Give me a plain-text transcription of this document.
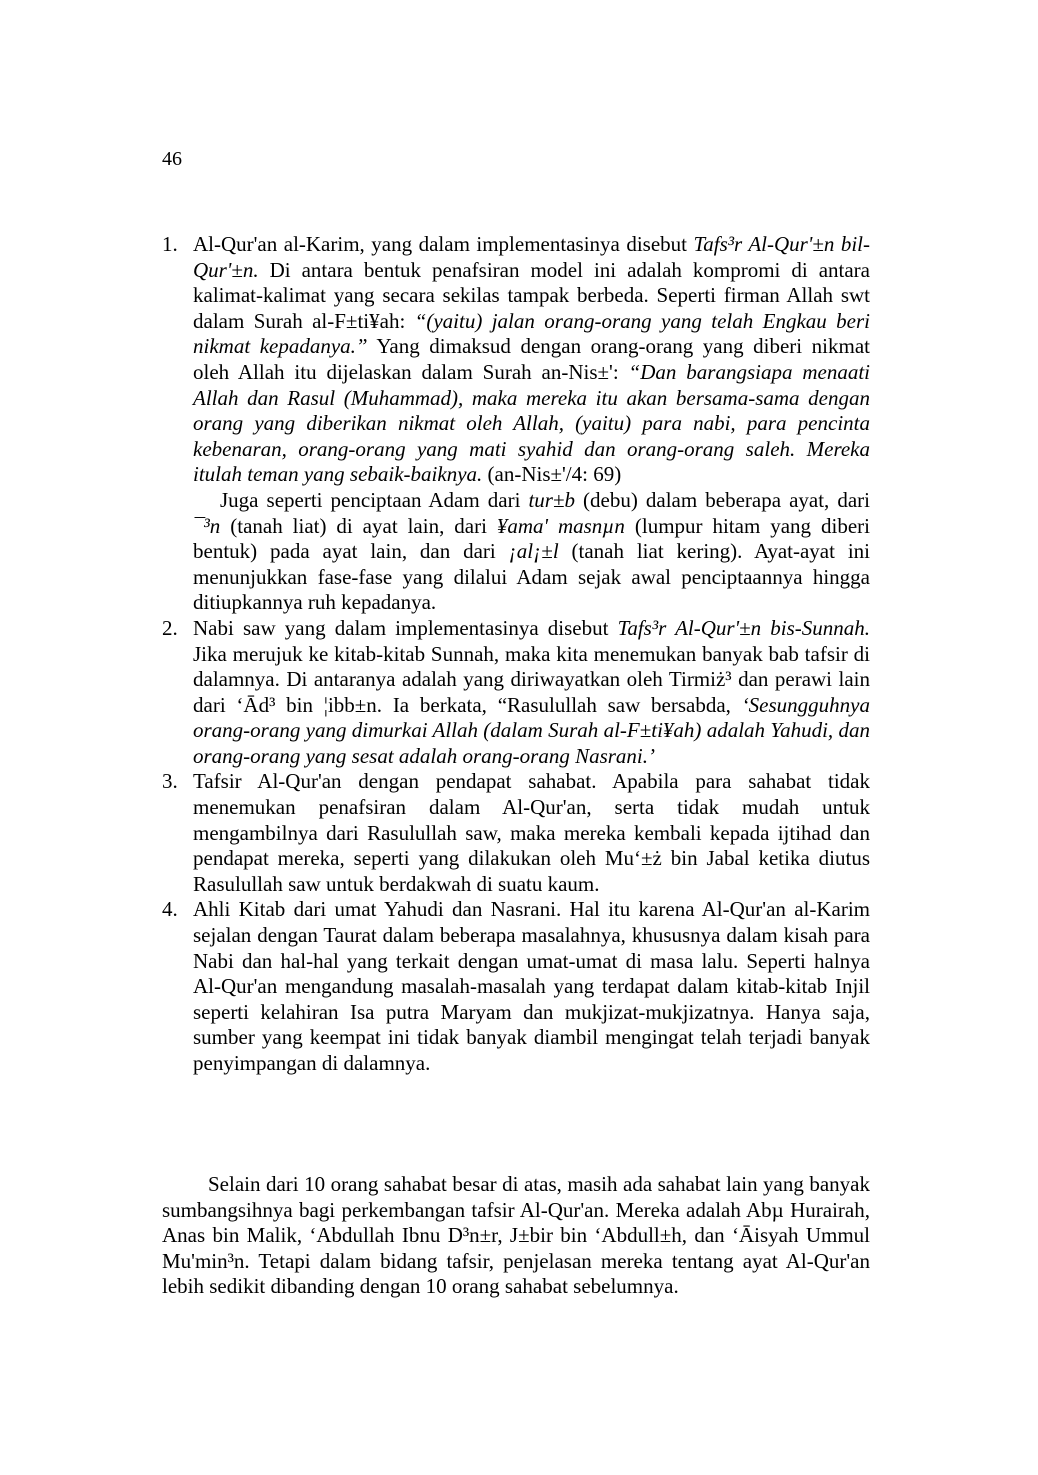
46
1. Al-Qur'an al-Karim, yang dalam implementasinya disebut Tafs³r Al-Qur'±n bil-Qur'±n. Di antara bentuk penafsiran model ini adalah kompromi di antara kalimat-kalimat yang secara sekilas tampak berbeda. Seperti firman Allah swt dalam Surah al-F±ti¥ah: “(yaitu) jalan orang-orang yang telah Engkau beri nikmat kepadanya.” Yang dimaksud dengan orang-orang yang diberi nikmat oleh Allah itu dijelaskan dalam Surah an-Nis±': “Dan barangsiapa menaati Allah dan Rasul (Muhammad), maka mereka itu akan bersama-sama dengan orang yang diberikan nikmat oleh Allah, (yaitu) para nabi, para pencinta kebenaran, orang-orang yang mati syahid dan orang-orang saleh. Mereka itulah teman yang sebaik-baiknya. (an-Nis±'/4: 69)

Juga seperti penciptaan Adam dari tur±b (debu) dalam beberapa ayat, dari ¯³n (tanah liat) di ayat lain, dari ¥ama' masnµn (lumpur hitam yang diberi bentuk) pada ayat lain, dan dari ¡al¡±l (tanah liat kering). Ayat-ayat ini menunjukkan fase-fase yang dilalui Adam sejak awal penciptaannya hingga ditiupkannya ruh kepadanya.

2. Nabi saw yang dalam implementasinya disebut Tafs³r Al-Qur'±n bis-Sunnah. Jika merujuk ke kitab-kitab Sunnah, maka kita menemukan banyak bab tafsir di dalamnya. Di antaranya adalah yang diriwayatkan oleh Tirmiż³ dan perawi lain dari ‘Ād³ bin ¦ibb±n. Ia berkata, “Rasulullah saw bersabda, ‘Sesungguhnya orang-orang yang dimurkai Allah (dalam Surah al-F±ti¥ah) adalah Yahudi, dan orang-orang yang sesat adalah orang-orang Nasrani.’

3. Tafsir Al-Qur'an dengan pendapat sahabat. Apabila para sahabat tidak menemukan penafsiran dalam Al-Qur'an, serta tidak mudah untuk mengambilnya dari Rasulullah saw, maka mereka kembali kepada ijtihad dan pendapat mereka, seperti yang dilakukan oleh Mu‘±ż bin Jabal ketika diutus Rasulullah saw untuk berdakwah di suatu kaum.

4. Ahli Kitab dari umat Yahudi dan Nasrani. Hal itu karena Al-Qur'an al-Karim sejalan dengan Taurat dalam beberapa masalahnya, khususnya dalam kisah para Nabi dan hal-hal yang terkait dengan umat-umat di masa lalu. Seperti halnya Al-Qur'an mengandung masalah-masalah yang terdapat dalam kitab-kitab Injil seperti kelahiran Isa putra Maryam dan mukjizat-mukjizatnya. Hanya saja, sumber yang keempat ini tidak banyak diambil mengingat telah terjadi banyak penyimpangan di dalamnya.

Selain dari 10 orang sahabat besar di atas, masih ada sahabat lain yang banyak sumbangsihnya bagi perkembangan tafsir Al-Qur'an. Mereka adalah Abµ Hurairah, Anas bin Malik, ‘Abdullah Ibnu D³n±r, J±bir bin ‘Abdull±h, dan ‘Āisyah Ummul Mu'min³n. Tetapi dalam bidang tafsir, penjelasan mereka tentang ayat Al-Qur'an lebih sedikit dibanding dengan 10 orang sahabat sebelumnya.
